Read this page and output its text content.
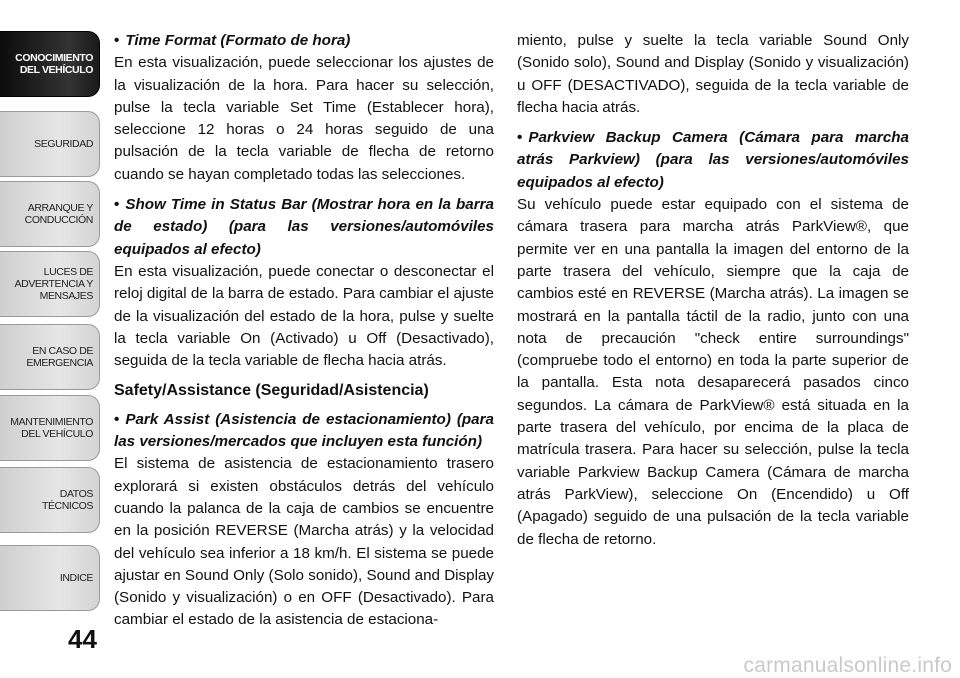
CONOCIMIENTO
DEL VEHÍCULO
SEGURIDAD
ARRANQUE Y
CONDUCCIÓN
LUCES DE
ADVERTENCIA Y
MENSAJES
EN CASO DE
EMERGENCIA
MANTENIMIENTO
DEL VEHÍCULO
DATOS
TÉCNICOS
INDICE
44

• Time Format (Formato de hora)

En esta visualización, puede seleccionar los ajustes de la visualización de la hora. Para hacer su selección, pulse la tecla variable Set Time (Establecer hora), seleccione 12 horas o 24 horas seguido de una pulsación de la tecla variable de flecha de retorno cuando se hayan completado todas las selecciones.

• Show Time in Status Bar (Mostrar hora en la barra de estado) (para las versiones/automóviles equipados al efecto)

En esta visualización, puede conectar o desconectar el reloj digital de la barra de estado. Para cambiar el ajuste de la visualización del estado de la hora, pulse y suelte la tecla variable On (Activado) u Off (Desactivado), seguida de la tecla variable de flecha hacia atrás.

Safety/Assistance (Seguridad/Asistencia)

• Park Assist (Asistencia de estacionamiento) (para las versiones/mercados que incluyen esta función)

El sistema de asistencia de estacionamiento trasero explorará si existen obstáculos detrás del vehículo cuando la palanca de la caja de cambios se encuentre en la posición REVERSE (Marcha atrás) y la velocidad del vehículo sea inferior a 18 km/h. El sistema se puede ajustar en Sound Only (Solo sonido), Sound and Display (Sonido y visualización) o en OFF (Desactivado). Para cambiar el estado de la asistencia de estaciona-

miento, pulse y suelte la tecla variable Sound Only (Sonido solo), Sound and Display (Sonido y visualización) u OFF (DESACTIVADO), seguida de la tecla variable de flecha hacia atrás.

• Parkview Backup Camera (Cámara para marcha atrás Parkview) (para las versiones/automóviles equipados al efecto)

Su vehículo puede estar equipado con el sistema de cámara trasera para marcha atrás ParkView®, que permite ver en una pantalla la imagen del entorno de la parte trasera del vehículo, siempre que la caja de cambios esté en REVERSE (Marcha atrás). La imagen se mostrará en la pantalla táctil de la radio, junto con una nota de precaución "check entire surroundings" (compruebe todo el entorno) en toda la parte superior de la pantalla. Esta nota desaparecerá pasados cinco segundos. La cámara de ParkView® está situada en la parte trasera del vehículo, por encima de la placa de matrícula trasera. Para hacer su selección, pulse la tecla variable Parkview Backup Camera (Cámara de marcha atrás ParkView), seleccione On (Encendido) u Off (Apagado) seguido de una pulsación de la tecla variable de flecha de retorno.

carmanualsonline.info
